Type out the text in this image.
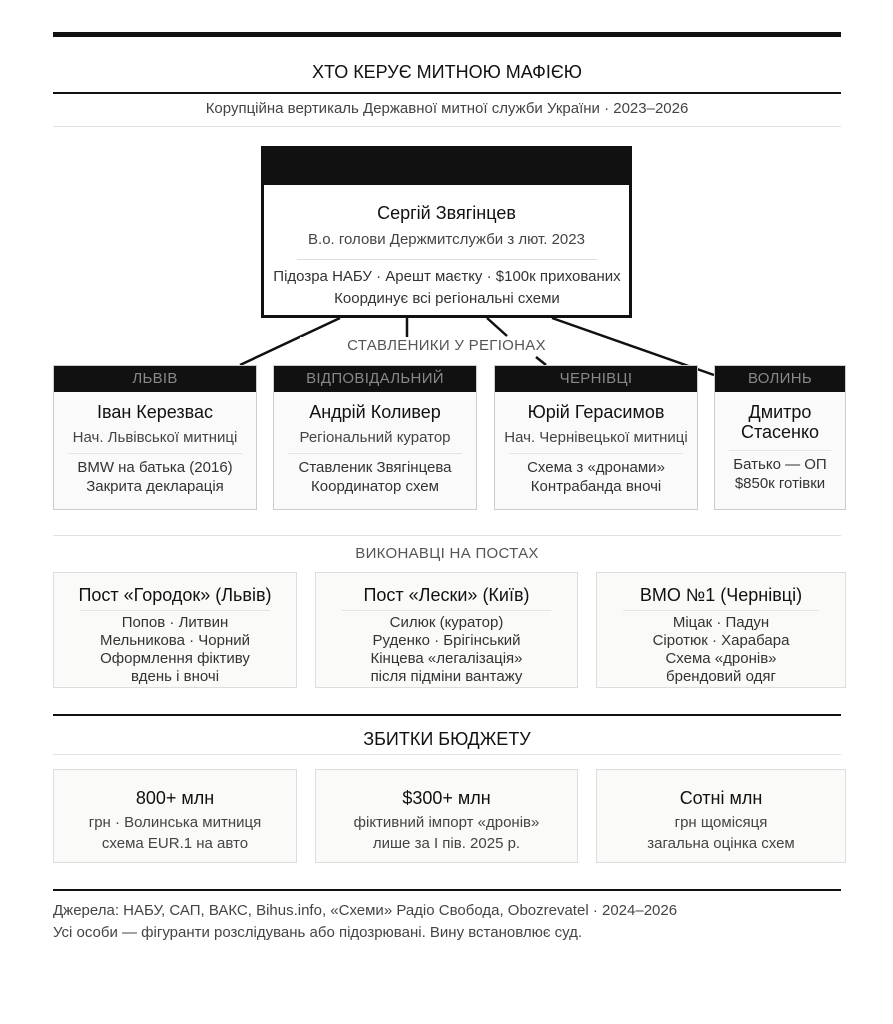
ХТО КЕРУЄ МИТНОЮ МАФІЄЮ
Корупційна вертикаль Державної митної служби України · 2023–2026
Сергій Звягінцев
В.о. голови Держмитслужби з лют. 2023
Підозра НАБУ · Арешт маєтку · $100к прихованих
Координує всі регіональні схеми
СТАВЛЕНИКИ У РЕГІОНАХ
ЛЬВІВ
Іван Керезвас
Нач. Львівської митниці
BMW на батька (2016)
Закрита декларація
ВІДПОВІДАЛЬНИЙ
Андрій Коливер
Регіональний куратор
Ставленик Звягінцева
Координатор схем
ЧЕРНІВЦІ
Юрій Герасимов
Нач. Чернівецької митниці
Схема з «дронами»
Контрабанда вночі
ВОЛИНЬ
Дмитро
Стасенко
Батько — ОП
$850к готівки
ВИКОНАВЦІ НА ПОСТАХ
Пост «Городок» (Львів)
Попов · Литвин
Мельникова · Чорний
Оформлення фіктиву
вдень і вночі
Пост «Лески» (Київ)
Силюк (куратор)
Руденко · Брігінський
Кінцева «легалізація»
після підміни вантажу
ВМО №1 (Чернівці)
Міцак · Падун
Сіротюк · Харабара
Схема «дронів»
брендовий одяг
ЗБИТКИ БЮДЖЕТУ
800+ млн
грн · Волинська митниця
схема EUR.1 на авто
$300+ млн
фіктивний імпорт «дронів»
лише за І пів. 2025 р.
Сотні млн
грн щомісяця
загальна оцінка схем
Джерела: НАБУ, САП, ВАКС, Bihus.info, «Схеми» Радіо Свобода, Obozrevatel · 2024–2026
Усі особи — фігуранти розслідувань або підозрювані. Вину встановлює суд.
